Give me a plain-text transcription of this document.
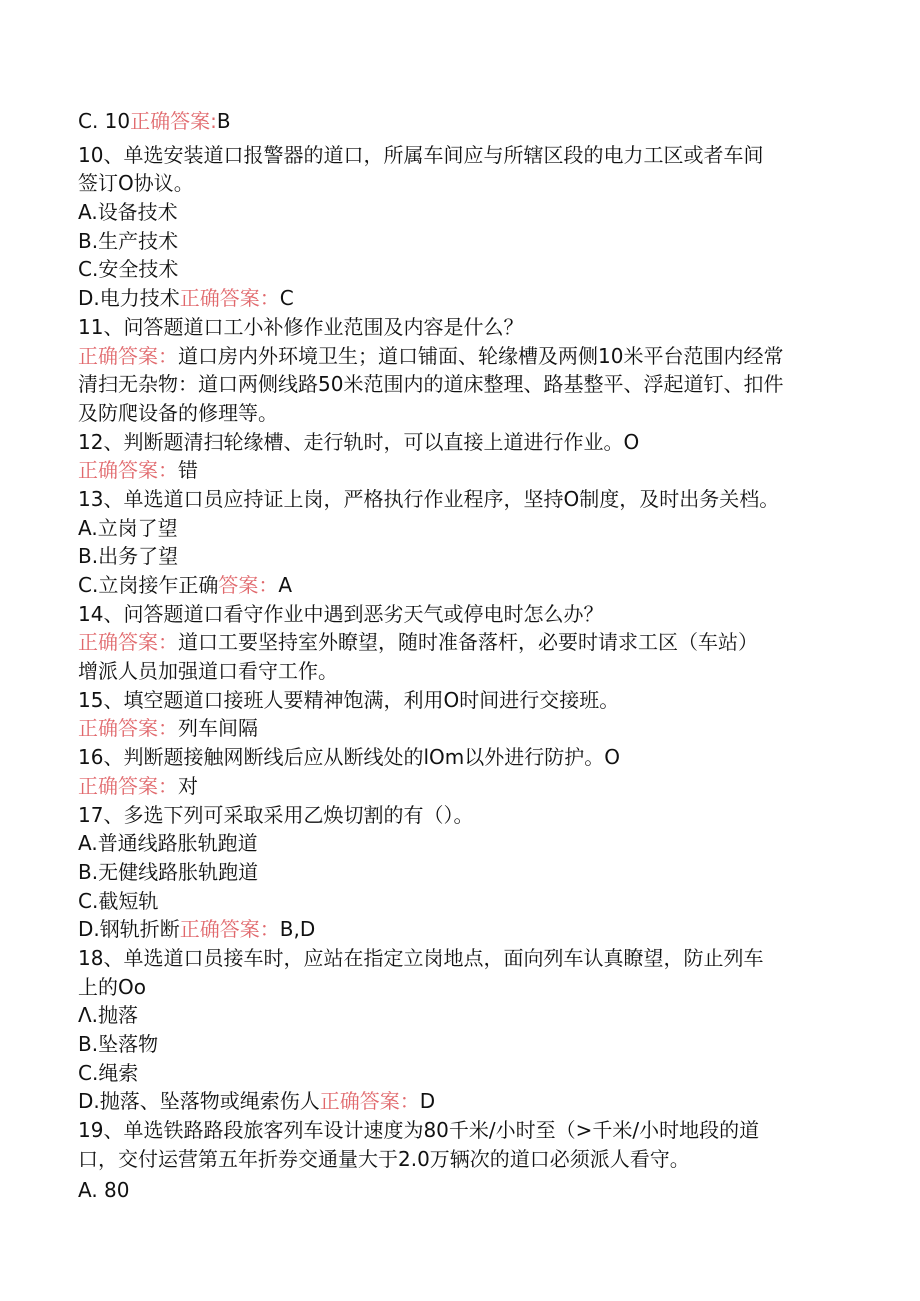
C. 10正确答案:B
10、单选安装道口报警器的道口，所属车间应与所辖区段的电力工区或者车间
签订O协议。
A.设备技术
B.生产技术
C.安全技术
D.电力技术正确答案：C
11、问答题道口工小补修作业范围及内容是什么？
正确答案：道口房内外环境卫生；道口铺面、轮缘槽及两侧10米平台范围内经常
清扫无杂物：道口两侧线路50米范围内的道床整理、路基整平、浮起道钉、扣件
及防爬设备的修理等。
12、判断题清扫轮缘槽、走行轨时，可以直接上道进行作业。O
正确答案：错
13、单选道口员应持证上岗，严格执行作业程序，坚持O制度，及时出务关档。
A.立岗了望
B.出务了望
C.立岗接乍正确答案：A
14、问答题道口看守作业中遇到恶劣天气或停电时怎么办？
正确答案：道口工要坚持室外瞭望，随时准备落杆，必要时请求工区（车站）
增派人员加强道口看守工作。
15、填空题道口接班人要精神饱满，利用O时间进行交接班。
正确答案：列车间隔
16、判断题接触网断线后应从断线处的lOm以外进行防护。O
正确答案：对
17、多选下列可采取采用乙焕切割的有（）。
A.普通线路胀轨跑道
B.无健线路胀轨跑道
C.截短轨
D.钢轨折断正确答案：B,D
18、单选道口员接车时，应站在指定立岗地点，面向列车认真瞭望，防止列车
上的Oo
Λ.抛落
B.坠落物
C.绳索
D.抛落、坠落物或绳索伤人正确答案：D
19、单选铁路路段旅客列车设计速度为80千米/小时至（>千米/小时地段的道
口，交付运营第五年折券交通量大于2.0万辆次的道口必须派人看守。
A. 80
